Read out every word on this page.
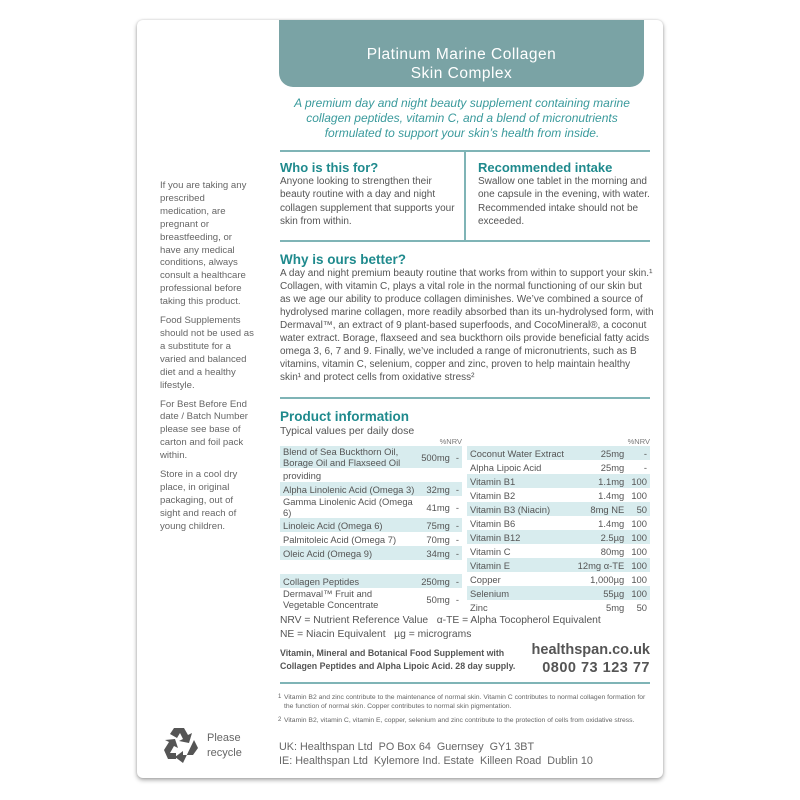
Platinum Marine Collagen
Skin Complex
A premium day and night beauty supplement containing marine collagen peptides, vitamin C, and a blend of micronutrients formulated to support your skin’s health from inside.
Who is this for?

Anyone looking to strengthen their beauty routine with a day and night collagen supplement that supports your skin from within.

Recommended intake

Swallow one tablet in the morning and one capsule in the evening, with water. Recommended intake should not be exceeded.

Why is ours better?

A day and night premium beauty routine that works from within to support your skin.¹ Collagen, with vitamin C, plays a vital role in the normal functioning of our skin but as we age our ability to produce collagen diminishes. We’ve combined a source of hydrolysed marine collagen, more readily absorbed than its un-hydrolysed form, with Dermaval™, an extract of 9 plant-based superfoods, and CocoMineral®, a coconut water extract. Borage, flaxseed and sea buckthorn oils provide beneficial fatty acids omega 3, 6, 7 and 9. Finally, we’ve included a range of micronutrients, such as B vitamins, vitamin C, selenium, copper and zinc, proven to help maintain healthy skin¹ and protect cells from oxidative stress²

If you are taking any prescribed medication, are pregnant or breastfeeding, or have any medical conditions, always consult a healthcare professional before taking this product.

Food Supplements should not be used as a substitute for a varied and balanced diet and a healthy lifestyle.

For Best Before End date / Batch Number please see base of carton and foil pack within.

Store in a cool dry place, in original packaging, out of sight and reach of young children.

Product information

Typical values per daily dose

%NRV
Blend of Sea Buckthorn Oil, Borage Oil and Flaxseed Oil	500mg	-
providing		
Alpha Linolenic Acid (Omega 3)	32mg	-
Gamma Linolenic Acid (Omega 6)	41mg	-
Linoleic Acid (Omega 6)	75mg	-
Palmitoleic Acid (Omega 7)	70mg	-
Oleic Acid (Omega 9)	34mg	-

Collagen Peptides	250mg	-
Dermaval™ Fruit and Vegetable Concentrate	50mg	-
%NRV
Coconut Water Extract	25mg	-
Alpha Lipoic Acid	25mg	-
Vitamin B1	1.1mg	100
Vitamin B2	1.4mg	100
Vitamin B3 (Niacin)	8mg NE	50
Vitamin B6	1.4mg	100
Vitamin B12	2.5µg	100
Vitamin C	80mg	100
Vitamin E	12mg α-TE	100
Copper	1,000µg	100
Selenium	55µg	100
Zinc	5mg	50
NRV = Nutrient Reference Value   α-TE = Alpha Tocopherol Equivalent
NE = Niacin Equivalent   µg = micrograms
Vitamin, Mineral and Botanical Food Supplement with
Collagen Peptides and Alpha Lipoic Acid. 28 day supply.
healthspan.co.uk
0800 73 123 77
1 Vitamin B2 and zinc contribute to the maintenance of normal skin. Vitamin C contributes to normal collagen formation for the function of normal skin. Copper contributes to normal skin pigmentation.
2 Vitamin B2, vitamin C, vitamin E, copper, selenium and zinc contribute to the protection of cells from oxidative stress.
UK: Healthspan Ltd  PO Box 64  Guernsey  GY1 3BT
IE: Healthspan Ltd  Kylemore Ind. Estate  Killeen Road  Dublin 10
Please
recycle
